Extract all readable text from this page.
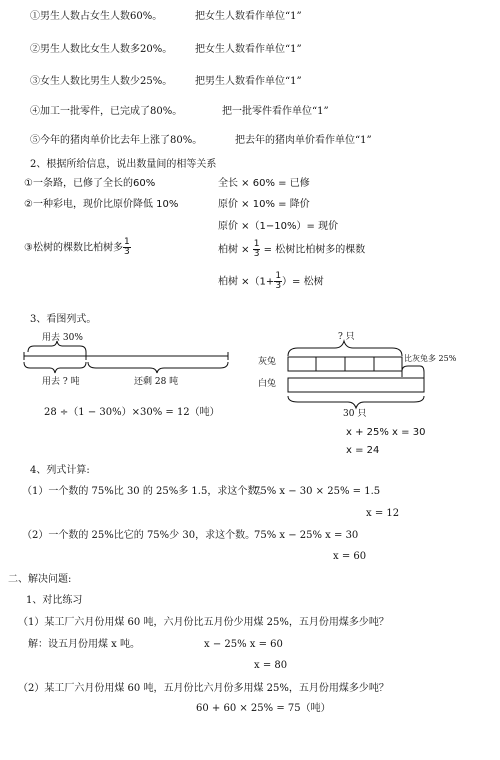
①男生人数占女生人数60%。	把女生人数看作单位“1”
②男生人数比女生人数多20%。 把女生人数看作单位“1”
③女生人数比男生人数少25%。 把男生人数看作单位“1”
④加工一批零件，已完成了80%。	把一批零件看作单位“1”
⑤今年的猪肉单价比去年上涨了80%。	把去年的猪肉单价看作单位“1”
2、根据所给信息，说出数量间的相等关系
①一条路，已修了全长的60%	全长 × 60% = 已修
②一种彩电，现价比原价降低 10%	原价 × 10% = 降价
原价 ×（1−10%）= 现价
③松树的棵数比柏树多 $\frac{1}{3}$	柏树 × $\frac{1}{3}$ = 松树比柏树多的棵数
柏树 $\times(1+ \frac{1}{3}$ ）= 松树
3、看图列式。
用去 30%
用去 ? 吨	还剩 28 吨
28 ÷（1 − 30%）×30% = 12（吨）
? 只
灰兔	比灰兔多 25%
白兔
30 只
x + 25% x = 30
x = 24
4、列式计算:
（1）一个数的 75%比 30 的 25%多 1.5，求这个数。
75% x − 30 × 25% = 1.5
x = 12
（2）一个数的 25%比它的 75%少 30，求这个数。
75% x − 25% x = 30
x = 60
二、解决问题:
1、对比练习
（1）某工厂六月份用煤 60 吨，六月份比五月份少用煤 25%，五月份用煤多少吨？
解：设五月份用煤 x 吨。	x − 25% x = 60
x = 80
（2）某工厂六月份用煤 60 吨，五月份比六月份多用煤 25%，五月份用煤多少吨？
60 + 60 × 25% = 75（吨）
